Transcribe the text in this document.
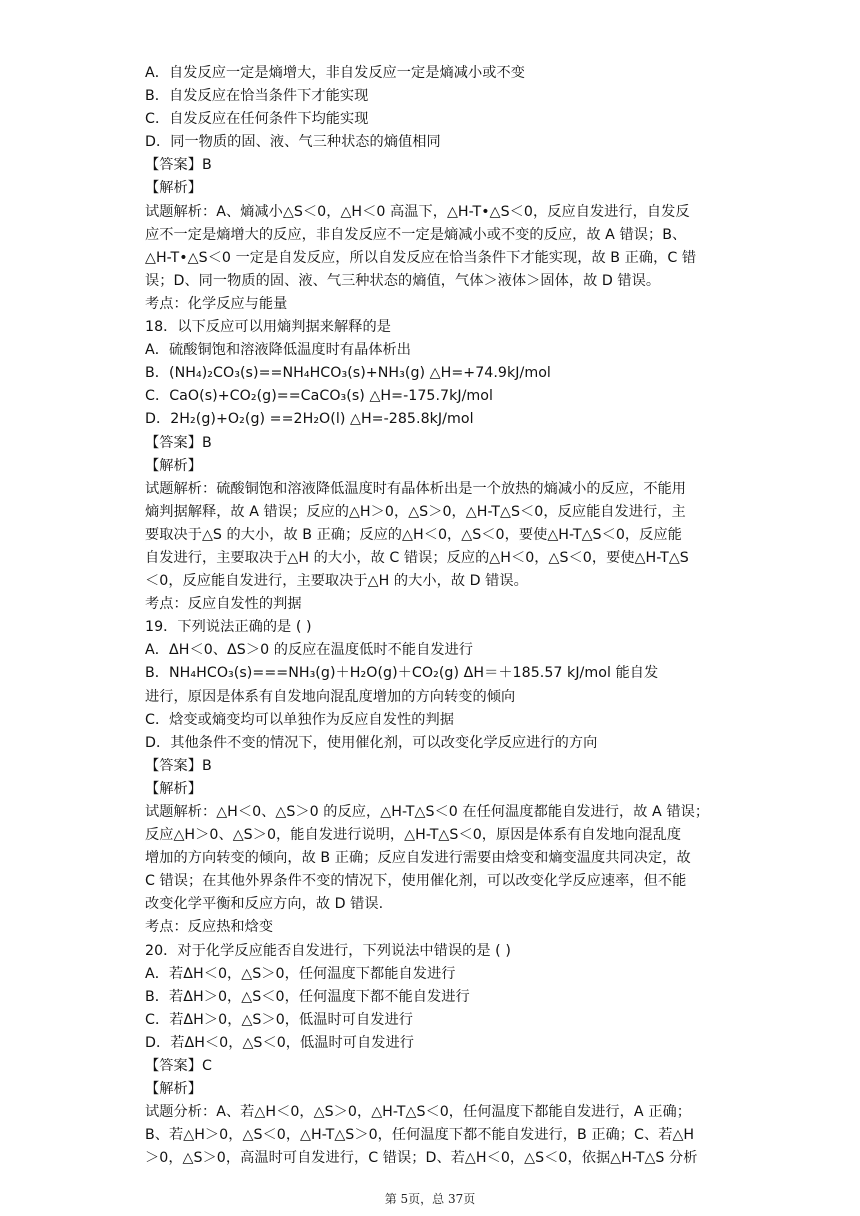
A．自发反应一定是熵增大，非自发反应一定是熵减小或不变
B．自发反应在恰当条件下才能实现
C．自发反应在任何条件下均能实现
D．同一物质的固、液、气三种状态的熵值相同
【答案】B
【解析】
试题解析：A、熵减小△S＜0，△H＜0 高温下，△H-T•△S＜0，反应自发进行，自发反
应不一定是熵增大的反应，非自发反应不一定是熵减小或不变的反应，故 A 错误；B、
△H-T•△S＜0 一定是自发反应，所以自发反应在恰当条件下才能实现，故 B 正确，C 错
误；D、同一物质的固、液、气三种状态的熵值，气体＞液体＞固体，故 D 错误。
考点：化学反应与能量
18．以下反应可以用熵判据来解释的是
A．硫酸铜饱和溶液降低温度时有晶体析出
B．(NH₄)₂CO₃(s)==NH₄HCO₃(s)+NH₃(g) △H=+74.9kJ/mol
C．CaO(s)+CO₂(g)==CaCO₃(s) △H=-175.7kJ/mol
D．2H₂(g)+O₂(g) ==2H₂O(l) △H=-285.8kJ/mol
【答案】B
【解析】
试题解析：硫酸铜饱和溶液降低温度时有晶体析出是一个放热的熵减小的反应，不能用
熵判据解释，故 A 错误；反应的△H＞0，△S＞0，△H-T△S＜0，反应能自发进行，主
要取决于△S 的大小，故 B 正确；反应的△H＜0，△S＜0，要使△H-T△S＜0，反应能
自发进行，主要取决于△H 的大小，故 C 错误；反应的△H＜0，△S＜0，要使△H-T△S
＜0，反应能自发进行，主要取决于△H 的大小，故 D 错误。
考点：反应自发性的判据
19．下列说法正确的是 ( )
A．ΔH＜0、ΔS＞0 的反应在温度低时不能自发进行
B．NH₄HCO₃(s)===NH₃(g)＋H₂O(g)＋CO₂(g) ΔH＝＋185.57 kJ/mol 能自发
进行，原因是体系有自发地向混乱度增加的方向转变的倾向
C．焓变或熵变均可以单独作为反应自发性的判据
D．其他条件不变的情况下，使用催化剂，可以改变化学反应进行的方向
【答案】B
【解析】
试题解析：△H＜0、△S＞0 的反应，△H-T△S＜0 在任何温度都能自发进行，故 A 错误；
反应△H＞0、△S＞0，能自发进行说明，△H-T△S＜0，原因是体系有自发地向混乱度
增加的方向转变的倾向，故 B 正确；反应自发进行需要由焓变和熵变温度共同决定，故
C 错误；在其他外界条件不变的情况下，使用催化剂，可以改变化学反应速率，但不能
改变化学平衡和反应方向，故 D 错误.
考点：反应热和焓变
20．对于化学反应能否自发进行，下列说法中错误的是 ( )
A．若ΔH＜0，△S＞0，任何温度下都能自发进行
B．若ΔH＞0，△S＜0，任何温度下都不能自发进行
C．若ΔH＞0，△S＞0，低温时可自发进行
D．若ΔH＜0，△S＜0，低温时可自发进行
【答案】C
【解析】
试题分析：A、若△H＜0，△S＞0，△H-T△S＜0，任何温度下都能自发进行，A 正确；
B、若△H＞0，△S＜0，△H-T△S＞0，任何温度下都不能自发进行，B 正确；C、若△H
＞0，△S＞0，高温时可自发进行，C 错误；D、若△H＜0，△S＜0，依据△H-T△S 分析
第 5页，总 37页
